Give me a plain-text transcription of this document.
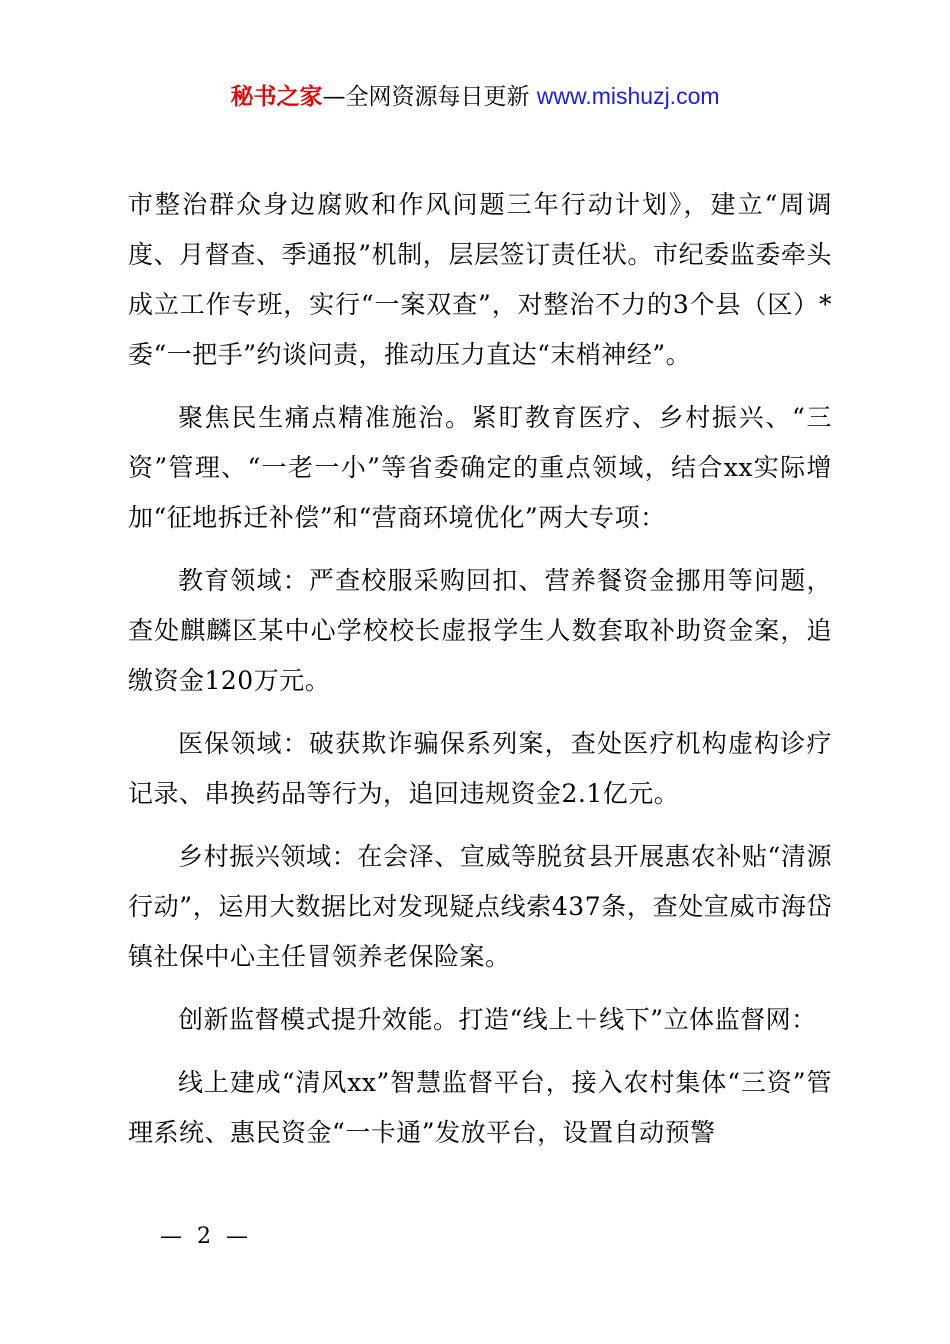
秘书之家—全网资源每日更新 www.mishuzj.com

市整治群众身边腐败和作风问题三年行动计划》，建立“周调度、月督查、季通报”机制，层层签订责任状。市纪委监委牵头成立工作专班，实行“一案双查”，对整治不力的3个县（区）*委“一把手”约谈问责，推动压力直达“末梢神经”。

聚焦民生痛点精准施治。紧盯教育医疗、乡村振兴、“三资”管理、“一老一小”等省委确定的重点领域，结合xx实际增加“征地拆迁补偿”和“营商环境优化”两大专项：

教育领域：严查校服采购回扣、营养餐资金挪用等问题，查处麒麟区某中心学校校长虚报学生人数套取补助资金案，追缴资金120万元。

医保领域：破获欺诈骗保系列案，查处医疗机构虚构诊疗记录、串换药品等行为，追回违规资金2.1亿元。

乡村振兴领域：在会泽、宣威等脱贫县开展惠农补贴“清源行动”，运用大数据比对发现疑点线索437条，查处宣威市海岱镇社保中心主任冒领养老保险案。

创新监督模式提升效能。打造“线上＋线下”立体监督网：

线上建成“清风xx”智慧监督平台，接入农村集体“三资”管理系统、惠民资金“一卡通”发放平台，设置自动预警

— 2 —
